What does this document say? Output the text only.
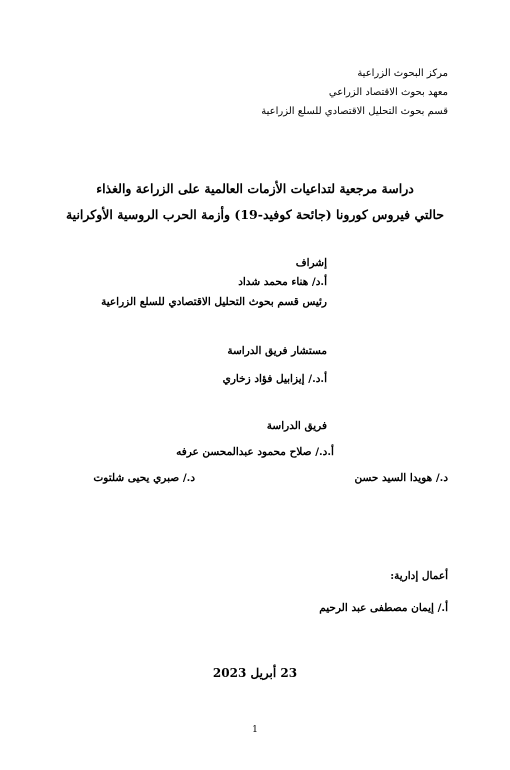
مركز البحوث الزراعية
معهد بحوث الاقتصاد الزراعي
قسم بحوث التحليل الاقتصادي للسلع الزراعية
دراسة مرجعية لتداعيات الأزمات العالمية على الزراعة والغذاء
حالتي فيروس كورونا (جائحة كوفيد-19) وأزمة الحرب الروسية الأوكرانية
إشراف
أ.د/ هناء محمد شداد
رئيس قسم بحوث التحليل الاقتصادي للسلع الزراعية
مستشار فريق الدراسة
أ.د./ إيزابيل فؤاد زخاري
فريق الدراسة
أ.د./ صلاح محمود عبدالمحسن عرفه
د./ هويدا السيد حسن
د./ صبري يحيى شلتوت
أعمال إدارية:
أ./ إيمان مصطفى عبد الرحيم
23 أبريل 2023
1
